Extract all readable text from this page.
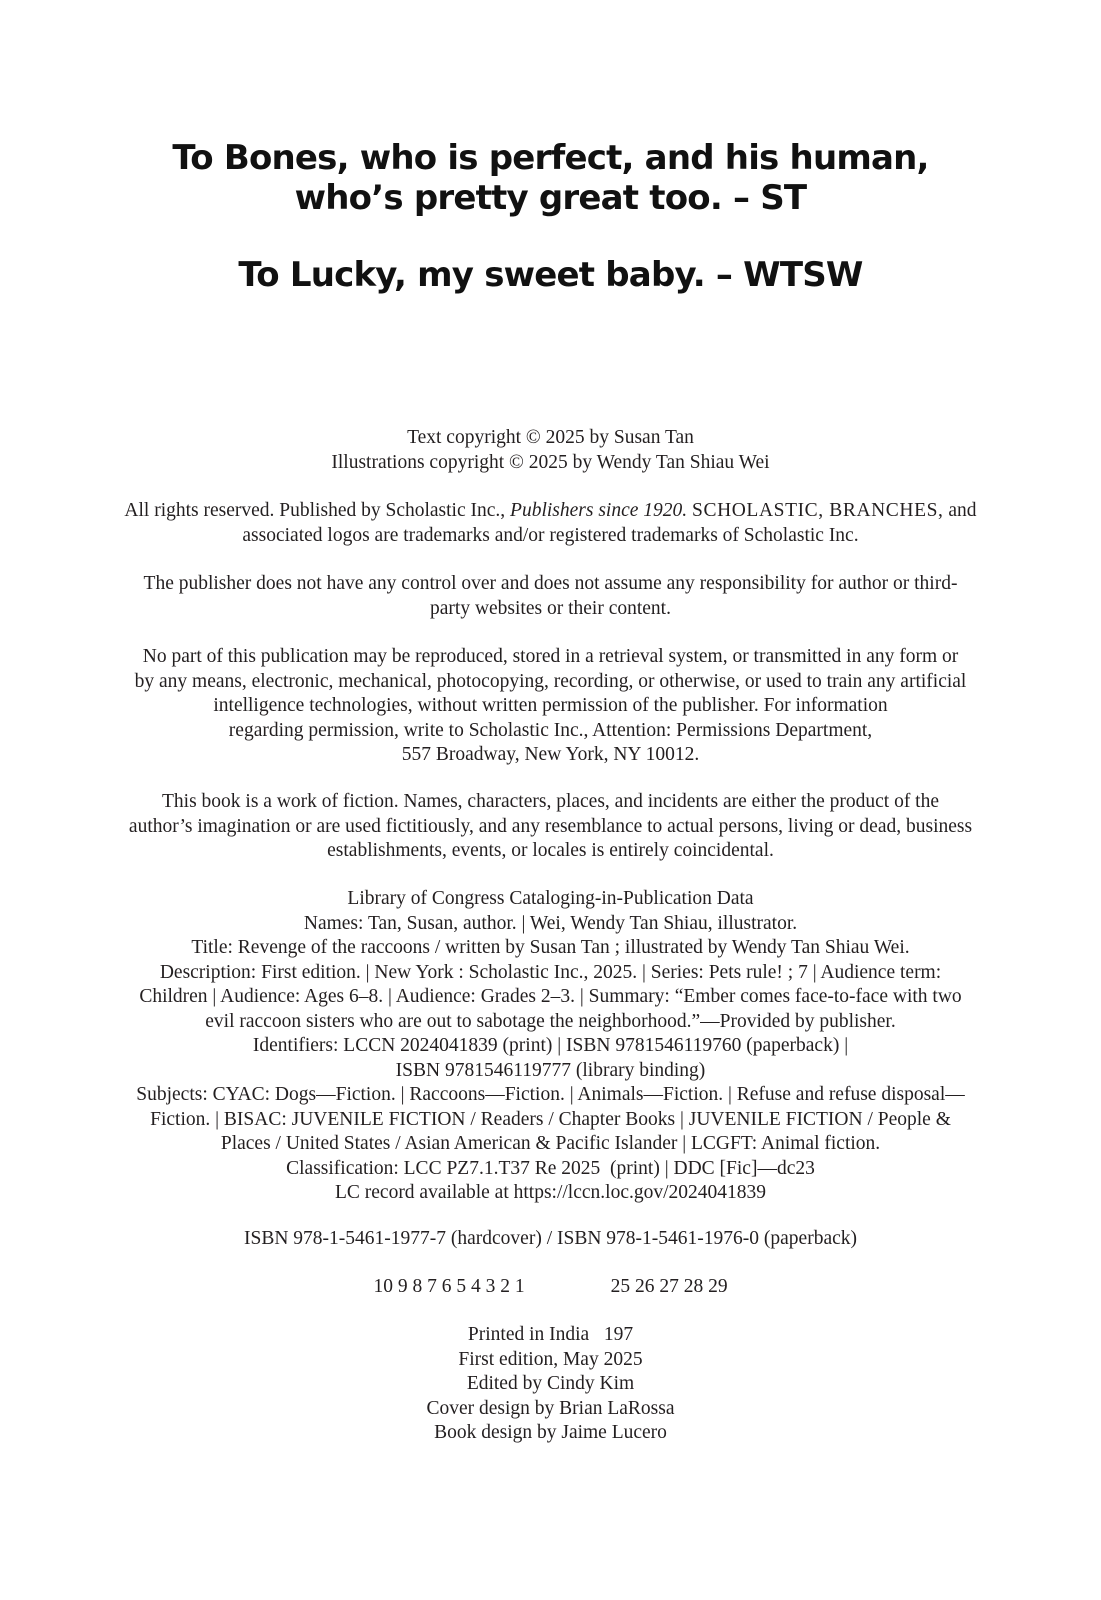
To Bones, who is perfect, and his human,
who’s pretty great too. – ST
To Lucky, my sweet baby. – WTSW
Text copyright © 2025 by Susan Tan
Illustrations copyright © 2025 by Wendy Tan Shiau Wei
All rights reserved. Published by Scholastic Inc., Publishers since 1920. SCHOLASTIC, BRANCHES, and
associated logos are trademarks and/or registered trademarks of Scholastic Inc.
The publisher does not have any control over and does not assume any responsibility for author or third-
party websites or their content.
No part of this publication may be reproduced, stored in a retrieval system, or transmitted in any form or
by any means, electronic, mechanical, photocopying, recording, or otherwise, or used to train any artificial
intelligence technologies, without written permission of the publisher. For information
regarding permission, write to Scholastic Inc., Attention: Permissions Department,
557 Broadway, New York, NY 10012.
This book is a work of fiction. Names, characters, places, and incidents are either the product of the
author’s imagination or are used fictitiously, and any resemblance to actual persons, living or dead, business
establishments, events, or locales is entirely coincidental.
Library of Congress Cataloging-in-Publication Data
Names: Tan, Susan, author. | Wei, Wendy Tan Shiau, illustrator.
Title: Revenge of the raccoons / written by Susan Tan ; illustrated by Wendy Tan Shiau Wei.
Description: First edition. | New York : Scholastic Inc., 2025. | Series: Pets rule! ; 7 | Audience term:
Children | Audience: Ages 6–8. | Audience: Grades 2–3. | Summary: “Ember comes face-to-face with two
evil raccoon sisters who are out to sabotage the neighborhood.”—Provided by publisher.
Identifiers: LCCN 2024041839 (print) | ISBN 9781546119760 (paperback) |
ISBN 9781546119777 (library binding)
Subjects: CYAC: Dogs—Fiction. | Raccoons—Fiction. | Animals—Fiction. | Refuse and refuse disposal—
Fiction. | BISAC: JUVENILE FICTION / Readers / Chapter Books | JUVENILE FICTION / People &
Places / United States / Asian American & Pacific Islander | LCGFT: Animal fiction.
Classification: LCC PZ7.1.T37 Re 2025  (print) | DDC [Fic]—dc23
LC record available at https://lccn.loc.gov/2024041839
ISBN 978-1-5461-1977-7 (hardcover) / ISBN 978-1-5461-1976-0 (paperback)
10 9 8 7 6 5 4 3 2 1	25 26 27 28 29
Printed in India   197
First edition, May 2025
Edited by Cindy Kim
Cover design by Brian LaRossa
Book design by Jaime Lucero
